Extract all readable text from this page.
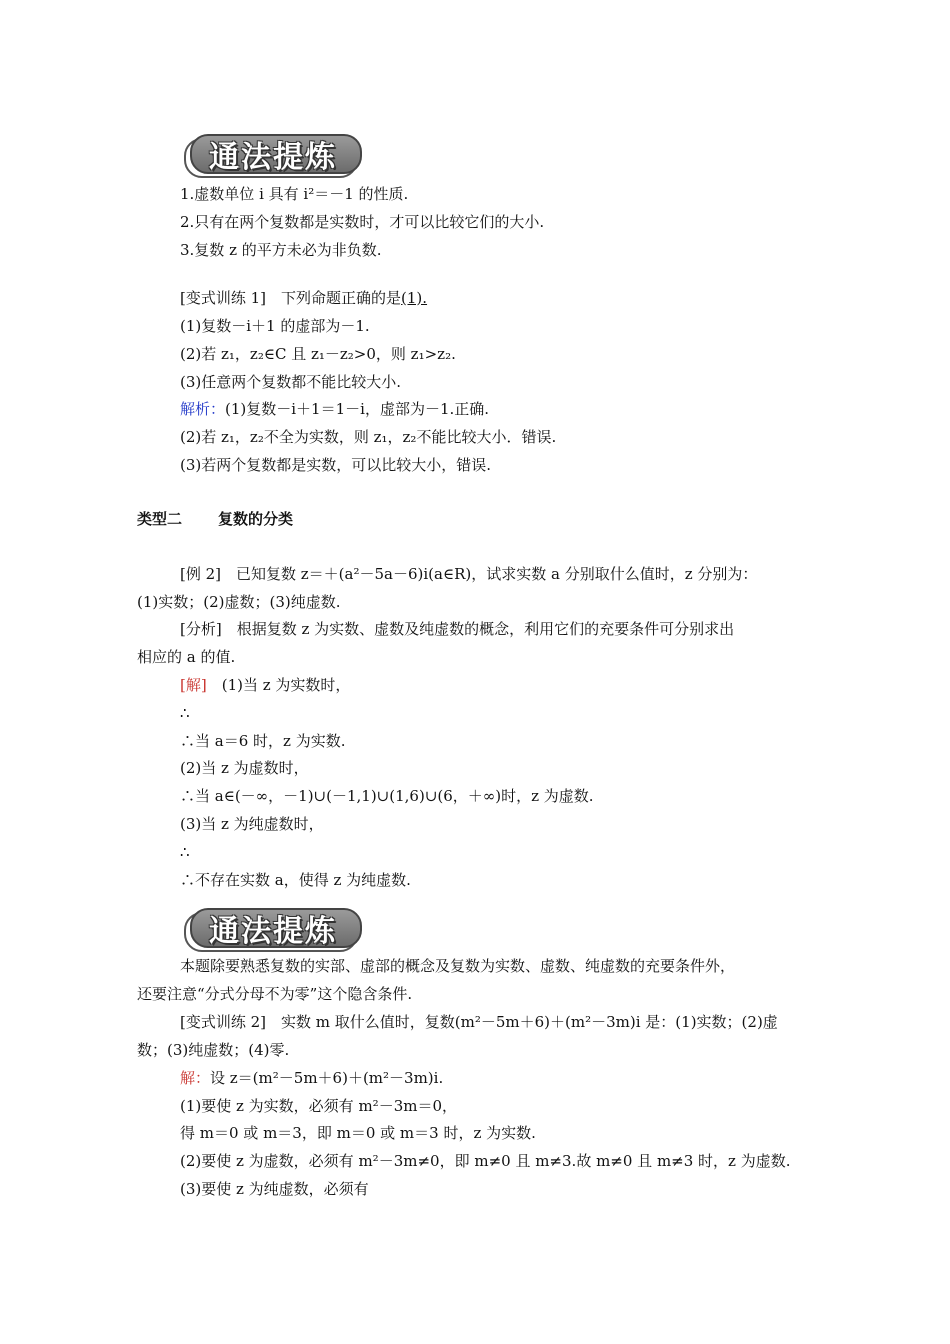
通法提炼
1.虚数单位 i 具有 i²＝－1 的性质.
2.只有在两个复数都是实数时，才可以比较它们的大小.
3.复数 z 的平方未必为非负数.
[变式训练 1]　下列命题正确的是(1).
(1)复数－i＋1 的虚部为－1.
(2)若 z₁，z₂∈C 且 z₁－z₂>0，则 z₁>z₂.
(3)任意两个复数都不能比较大小.
解析：(1)复数－i＋1＝1－i，虚部为－1.正确.
(2)若 z₁，z₂不全为实数，则 z₁，z₂不能比较大小．错误.
(3)若两个复数都是实数，可以比较大小，错误.
类型二 复数的分类
[例 2]　已知复数 z＝＋(a²－5a－6)i(a∈R)，试求实数 a 分别取什么值时，z 分别为：
(1)实数；(2)虚数；(3)纯虚数.
[分析]　根据复数 z 为实数、虚数及纯虚数的概念，利用它们的充要条件可分别求出
相应的 a 的值.
[解]　 (1)当 z 为实数时，
∴
∴当 a＝6 时，z 为实数.
(2)当 z 为虚数时，
∴当 a∈(－∞，－1)∪(－1,1)∪(1,6)∪(6，＋∞)时，z 为虚数.
(3)当 z 为纯虚数时，
∴
∴不存在实数 a，使得 z 为纯虚数.
通法提炼
本题除要熟悉复数的实部、虚部的概念及复数为实数、虚数、纯虚数的充要条件外，
还要注意“分式分母不为零”这个隐含条件.
[变式训练 2]　实数 m 取什么值时，复数(m²－5m＋6)＋(m²－3m)i 是：(1)实数；(2)虚
数；(3)纯虚数；(4)零.
解：设 z＝(m²－5m＋6)＋(m²－3m)i.
(1)要使 z 为实数，必须有 m²－3m＝0，
得 m＝0 或 m＝3，即 m＝0 或 m＝3 时，z 为实数.
(2)要使 z 为虚数，必须有 m²－3m≠0，即 m≠0 且 m≠3.故 m≠0 且 m≠3 时，z 为虚数.
(3)要使 z 为纯虚数，必须有
